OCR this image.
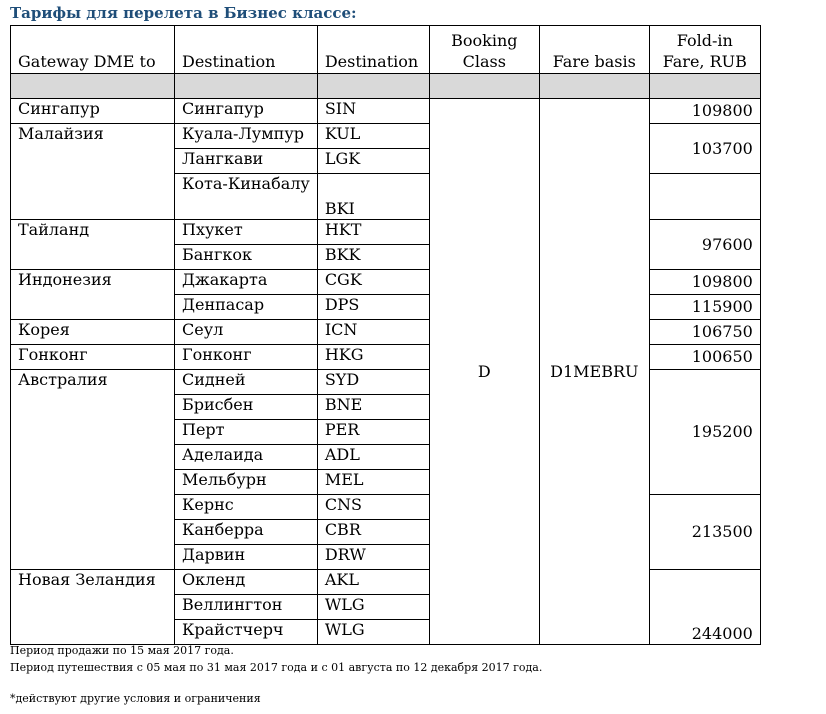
Тарифы для перелета в Бизнес классе:
Gateway DME to	Destination	Destination	Booking Class	Fare basis	Fold-in Fare, RUB

Сингапур	Сингапур	SIN	D	D1MEBRU	109800
Малайзия	Куала-Лумпур	KUL			103700
	Лангкави	LGK			
	Кота-Кинабалу	BKI			
Тайланд	Пхукет	HKT			97600
	Бангкок	BKK			
Индонезия	Джакарта	CGK			109800
	Денпасар	DPS			115900
Корея	Сеул	ICN			106750
Гонконг	Гонконг	HKG			100650
Австралия	Сидней	SYD			195200
	Брисбен	BNE			
	Перт	PER			
	Аделаида	ADL			
	Мельбурн	MEL			
	Кернс	CNS			213500
	Канберра	CBR			
	Дарвин	DRW			
Новая Зеландия	Окленд	AKL			244000
	Веллингтон	WLG			
	Крайстчерч	WLG			
Период продажи по 15 мая 2017 года.
Период путешествия с 05 мая по 31 мая 2017 года и с 01 августа по 12 декабря 2017 года.
*действуют другие условия и ограничения
